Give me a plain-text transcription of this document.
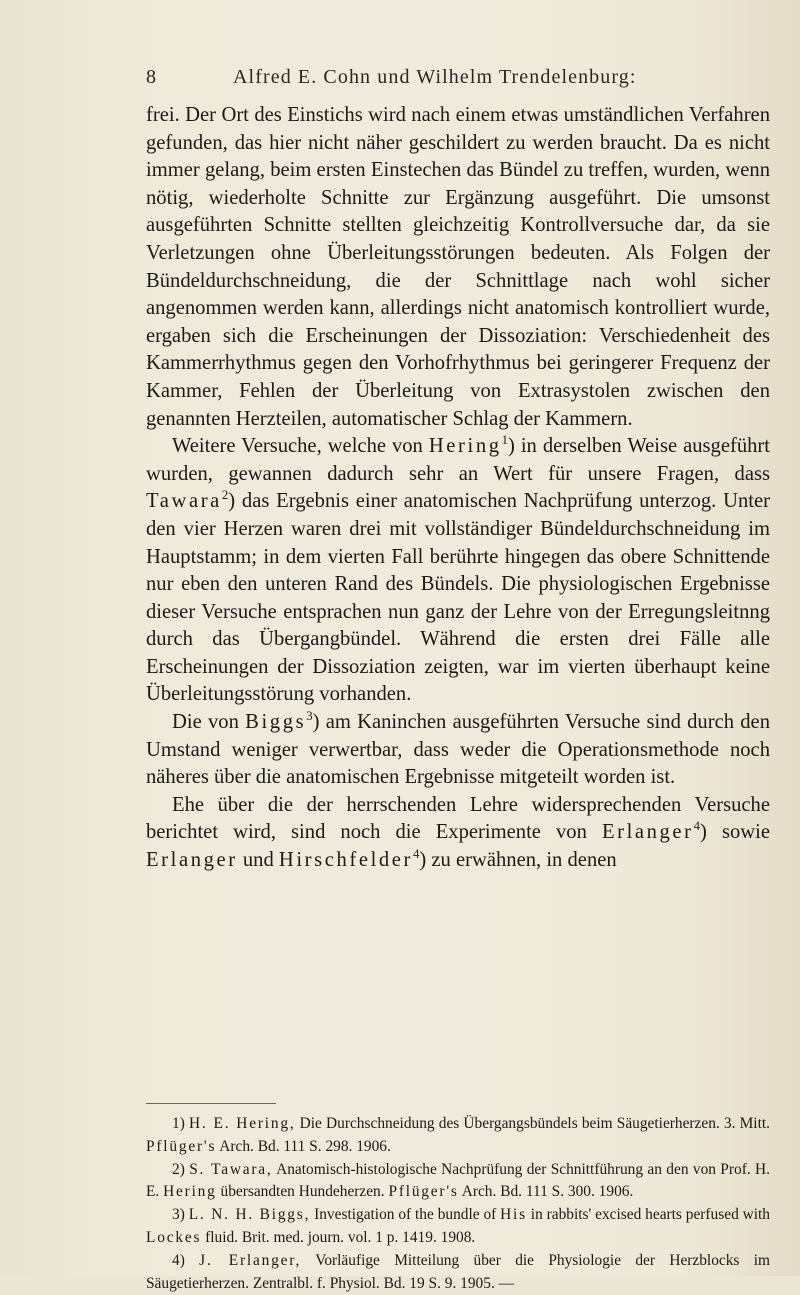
8	Alfred E. Cohn und Wilhelm Trendelenburg:

frei. Der Ort des Einstichs wird nach einem etwas umständlichen Verfahren gefunden, das hier nicht näher geschildert zu werden braucht. Da es nicht immer gelang, beim ersten Einstechen das Bündel zu treffen, wurden, wenn nötig, wiederholte Schnitte zur Ergänzung ausgeführt. Die umsonst ausgeführten Schnitte stellten gleichzeitig Kontrollversuche dar, da sie Verletzungen ohne Überleitungsstörungen bedeuten. Als Folgen der Bündeldurchschneidung, die der Schnittlage nach wohl sicher angenommen werden kann, allerdings nicht anatomisch kontrolliert wurde, ergaben sich die Erscheinungen der Dissoziation: Verschiedenheit des Kammerrhythmus gegen den Vorhofrhythmus bei geringerer Frequenz der Kammer, Fehlen der Überleitung von Extrasystolen zwischen den genannten Herzteilen, automatischer Schlag der Kammern.

Weitere Versuche, welche von Hering$^1$) in derselben Weise ausgeführt wurden, gewannen dadurch sehr an Wert für unsere Fragen, dass Tawara$^2$) das Ergebnis einer anatomischen Nachprüfung unterzog. Unter den vier Herzen waren drei mit vollständiger Bündeldurchschneidung im Hauptstamm; in dem vierten Fall berührte hingegen das obere Schnittende nur eben den unteren Rand des Bündels. Die physiologischen Ergebnisse dieser Versuche entsprachen nun ganz der Lehre von der Erregungsleitnng durch das Übergangbündel. Während die ersten drei Fälle alle Erscheinungen der Dissoziation zeigten, war im vierten überhaupt keine Überleitungsstörung vorhanden.

Die von Biggs$^3$) am Kaninchen ausgeführten Versuche sind durch den Umstand weniger verwertbar, dass weder die Operationsmethode noch näheres über die anatomischen Ergebnisse mitgeteilt worden ist.

Ehe über die der herrschenden Lehre widersprechenden Versuche berichtet wird, sind noch die Experimente von Erlanger$^4$) sowie Erlanger und Hirschfelder$^4$) zu erwähnen, in denen

1) H. E. Hering, Die Durchschneidung des Übergangsbündels beim Säugetierherzen. 3. Mitt. Pflüger's Arch. Bd. 111 S. 298. 1906.

2) S. Tawara, Anatomisch-histologische Nachprüfung der Schnittführung an den von Prof. H. E. Hering übersandten Hundeherzen. Pflüger's Arch. Bd. 111 S. 300. 1906.

3) L. N. H. Biggs, Investigation of the bundle of His in rabbits' excised hearts perfused with Lockes fluid. Brit. med. journ. vol. 1 p. 1419. 1908.

4) J. Erlanger, Vorläufige Mitteilung über die Physiologie der Herzblocks im Säugetierherzen. Zentralbl. f. Physiol. Bd. 19 S. 9. 1905. —
